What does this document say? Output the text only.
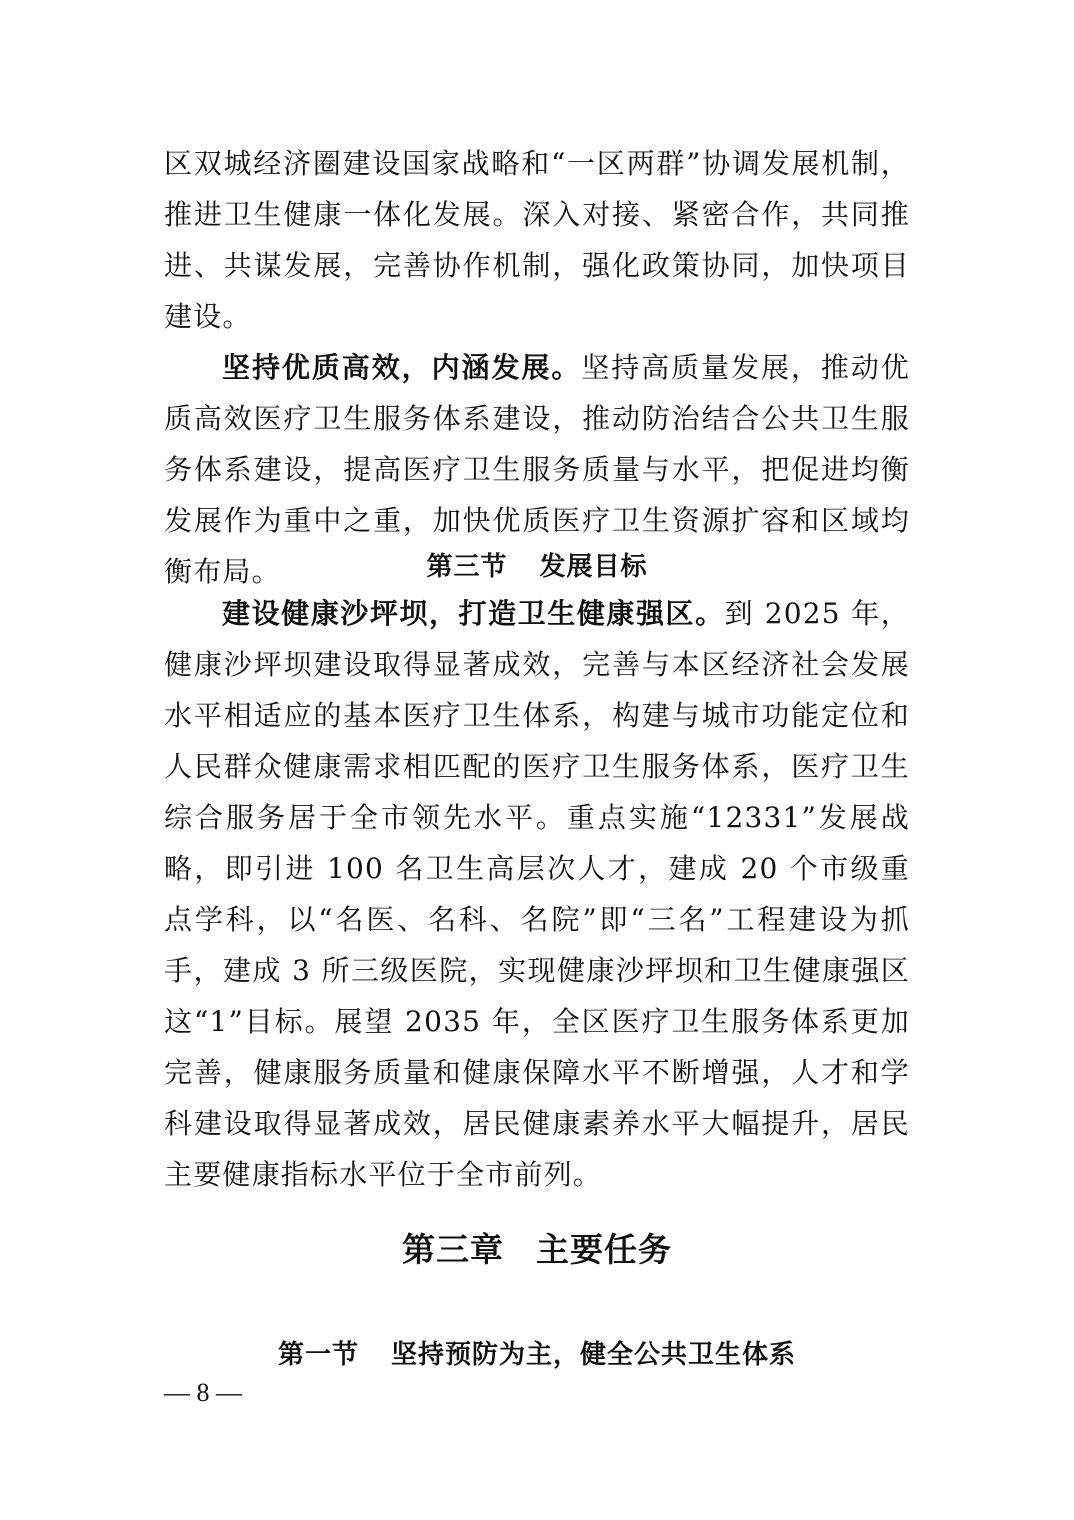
区双城经济圈建设国家战略和“一区两群”协调发展机制，推进卫生健康一体化发展。深入对接、紧密合作，共同推进、共谋发展，完善协作机制，强化政策协同，加快项目建设。

坚持优质高效，内涵发展。坚持高质量发展，推动优质高效医疗卫生服务体系建设，推动防治结合公共卫生服务体系建设，提高医疗卫生服务质量与水平，把促进均衡发展作为重中之重，加快优质医疗卫生资源扩容和区域均衡布局。	第三节 发展目标

建设健康沙坪坝，打造卫生健康强区。到 2025 年，健康沙坪坝建设取得显著成效，完善与本区经济社会发展水平相适应的基本医疗卫生体系，构建与城市功能定位和人民群众健康需求相匹配的医疗卫生服务体系，医疗卫生综合服务居于全市领先水平。重点实施“12331”发展战略，即引进 100 名卫生高层次人才，建成 20 个市级重点学科，以“名医、名科、名院”即“三名”工程建设为抓手，建成 3 所三级医院，实现健康沙坪坝和卫生健康强区这“1”目标。展望 2035 年，全区医疗卫生服务体系更加完善，健康服务质量和健康保障水平不断增强，人才和学科建设取得显著成效，居民健康素养水平大幅提升，居民主要健康指标水平位于全市前列。

第三章 主要任务
第一节 坚持预防为主，健全公共卫生体系

— 8 —
